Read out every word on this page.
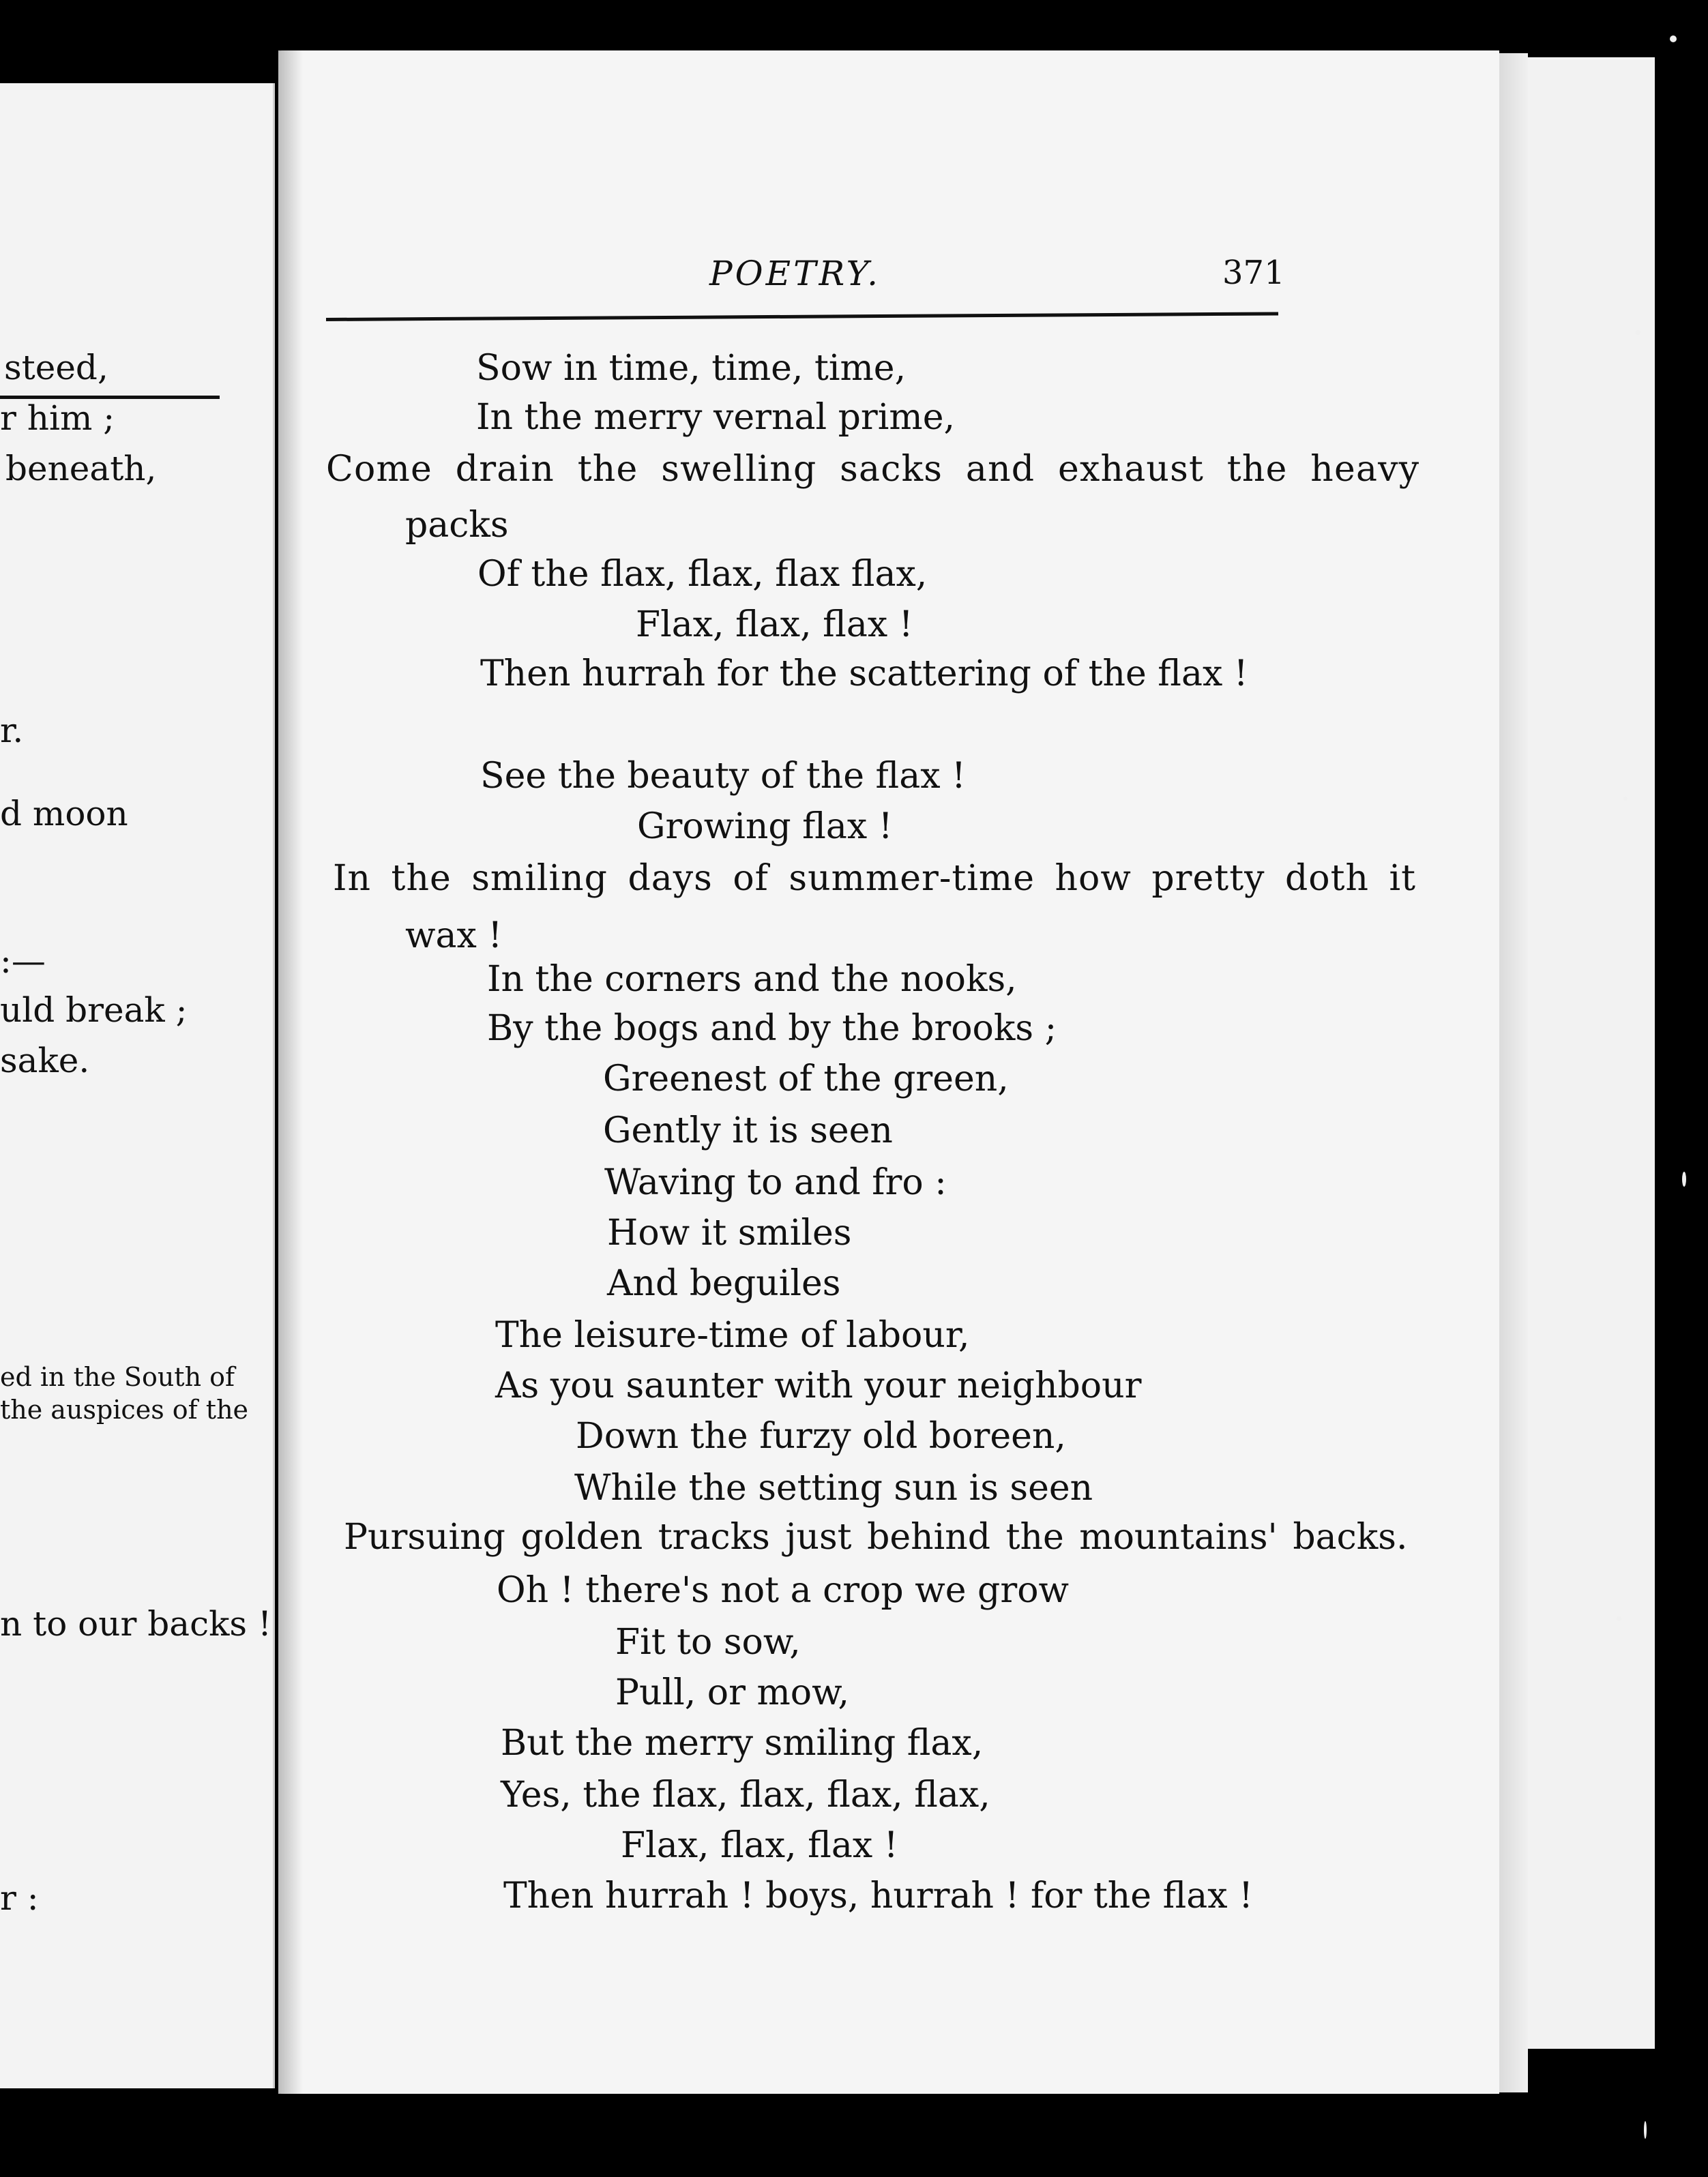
steed,
r him ;
beneath,
r.
d moon
:—
uld break ;
sake.
ed in the South of
the auspices of the
n to our backs !
r :
POETRY.	371
Sow in time, time, time,
In the merry vernal prime,
Come drain the swelling sacks and exhaust the heavy
packs
Of the flax, flax, flax flax,
Flax, flax, flax !
Then hurrah for the scattering of the flax !
See the beauty of the flax !
Growing flax !
In the smiling days of summer-time how pretty doth it
wax !
In the corners and the nooks,
By the bogs and by the brooks ;
Greenest of the green,
Gently it is seen
Waving to and fro :
How it smiles
And beguiles
The leisure-time of labour,
As you saunter with your neighbour
Down the furzy old boreen,
While the setting sun is seen
Pursuing golden tracks just behind the mountains' backs.
Oh ! there's not a crop we grow
Fit to sow,
Pull, or mow,
But the merry smiling flax,
Yes, the flax, flax, flax, flax,
Flax, flax, flax !
Then hurrah ! boys, hurrah ! for the flax !
